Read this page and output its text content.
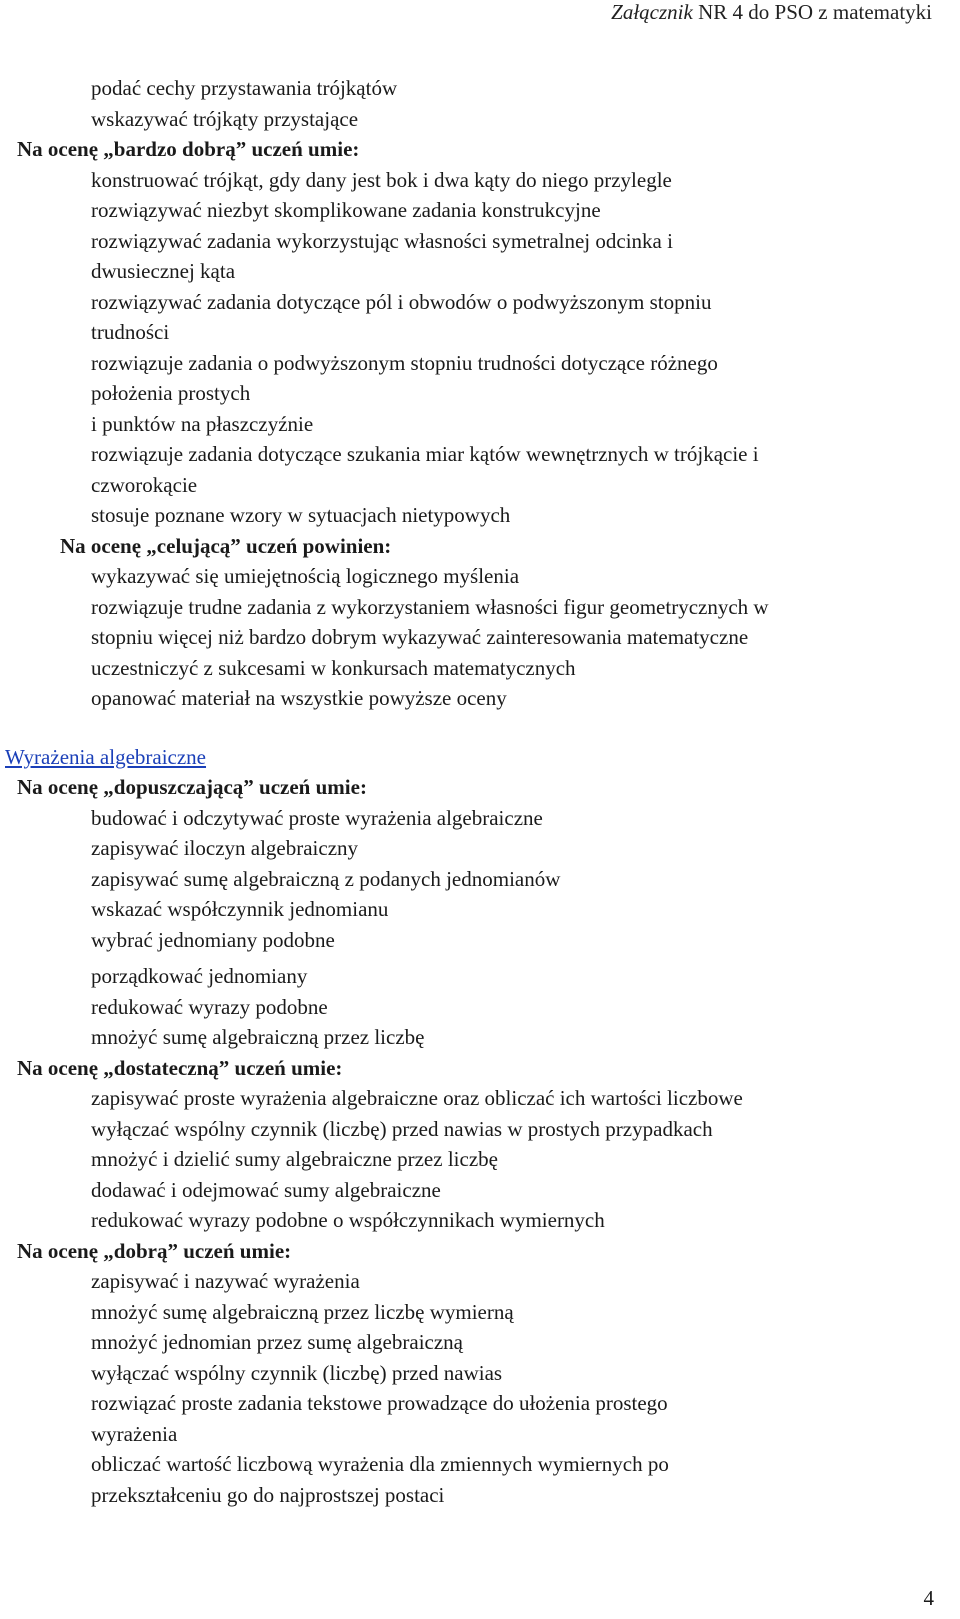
Załącznik NR 4 do PSO z matematyki
podać cechy przystawania trójkątów
wskazywać trójkąty przystające
Na ocenę „bardzo dobrą” uczeń umie:
konstruować trójkąt, gdy dany jest bok i dwa kąty do niego przylegle
rozwiązywać niezbyt skomplikowane zadania konstrukcyjne
rozwiązywać zadania wykorzystując własności symetralnej odcinka i
dwusiecznej kąta
rozwiązywać zadania dotyczące pól i obwodów o podwyższonym stopniu
trudności
rozwiązuje zadania o podwyższonym stopniu trudności dotyczące różnego
położenia prostych
i punktów na płaszczyźnie
rozwiązuje zadania dotyczące szukania miar kątów wewnętrznych w trójkącie i
czworokącie
stosuje poznane wzory w sytuacjach nietypowych
Na ocenę „celującą” uczeń powinien:
wykazywać się umiejętnością logicznego myślenia
rozwiązuje trudne zadania z wykorzystaniem własności figur geometrycznych w
stopniu więcej niż bardzo dobrym wykazywać zainteresowania matematyczne
uczestniczyć z sukcesami w konkursach matematycznych
opanować materiał na wszystkie powyższe oceny
Wyrażenia algebraiczne
Na ocenę „dopuszczającą” uczeń umie:
budować i odczytywać proste wyrażenia algebraiczne
zapisywać iloczyn algebraiczny
zapisywać sumę algebraiczną z podanych jednomianów
wskazać współczynnik jednomianu
wybrać jednomiany podobne
porządkować jednomiany
redukować wyrazy podobne
mnożyć sumę algebraiczną przez liczbę
Na ocenę „dostateczną” uczeń umie:
zapisywać proste wyrażenia algebraiczne oraz obliczać ich wartości liczbowe
wyłączać wspólny czynnik (liczbę) przed nawias w prostych przypadkach
mnożyć i dzielić sumy algebraiczne przez liczbę
dodawać i odejmować sumy algebraiczne
redukować wyrazy podobne o współczynnikach wymiernych
Na ocenę „dobrą” uczeń umie:
zapisywać i nazywać wyrażenia
mnożyć sumę algebraiczną przez liczbę wymierną
mnożyć jednomian przez sumę algebraiczną
wyłączać wspólny czynnik (liczbę) przed nawias
rozwiązać proste zadania tekstowe prowadzące do ułożenia prostego
wyrażenia
obliczać wartość liczbową wyrażenia dla zmiennych wymiernych po
przekształceniu go do najprostszej postaci
4
